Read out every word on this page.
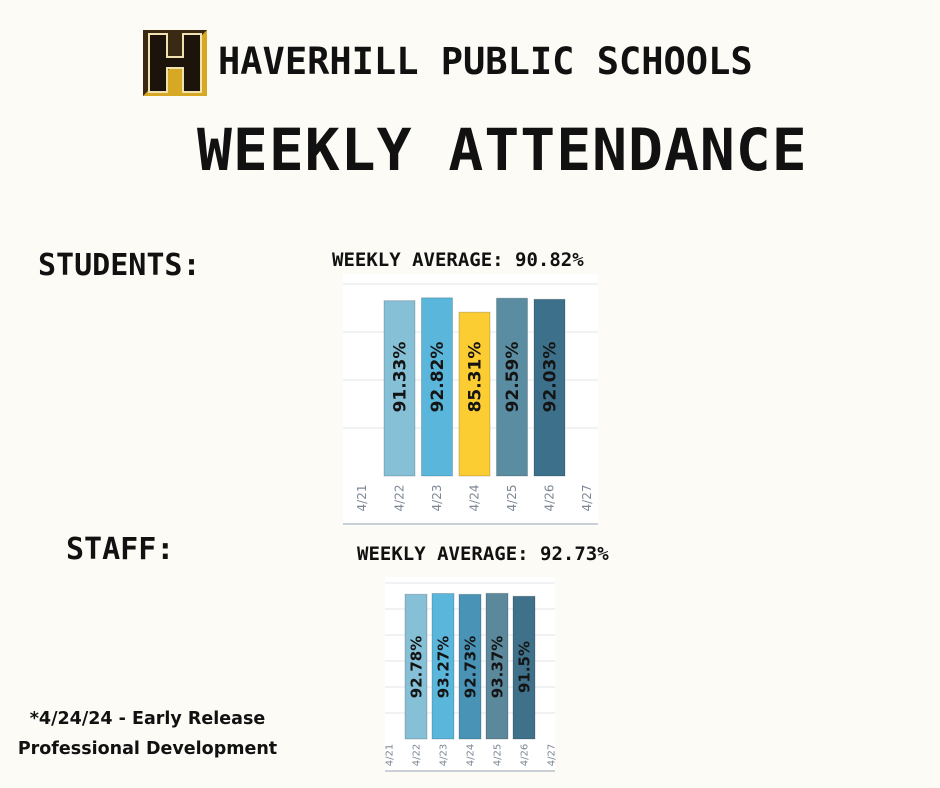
HAVERHILL PUBLIC SCHOOLS
WEEKLY ATTENDANCE
STUDENTS:	WEEKLY AVERAGE: 90.82%
4/21
91.33%
4/22
92.82%
4/23
85.31%
4/24
92.59%
4/25
92.03%
4/26 4/27
STAFF:	WEEKLY AVERAGE: 92.73%
4/21
92.78%
4/22
93.27%
4/23
92.73%
4/24
93.37%
4/25
91.5%
4/26 4/27
*4/24/24 - Early Release
Professional Development
